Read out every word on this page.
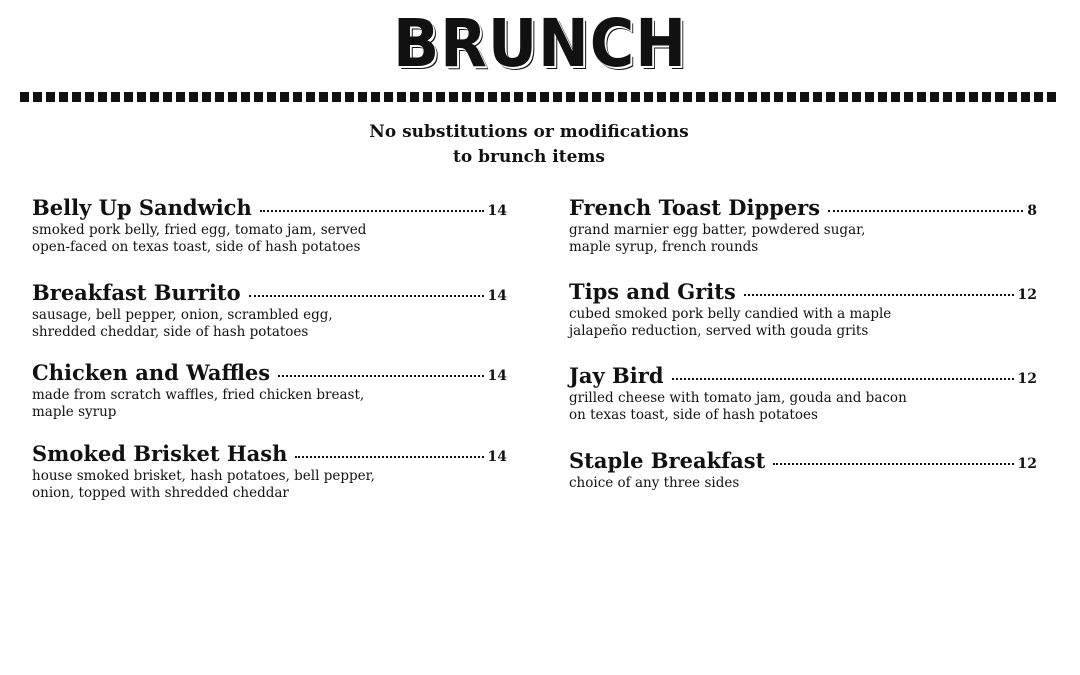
BRUNCH
No substitutions or modifications
to brunch items
Belly Up Sandwich	14
smoked pork belly, fried egg, tomato jam, served
open-faced on texas toast, side of hash potatoes
Breakfast Burrito	14
sausage, bell pepper, onion, scrambled egg,
shredded cheddar, side of hash potatoes
Chicken and Waffles	14
made from scratch waffles, fried chicken breast,
maple syrup
Smoked Brisket Hash	14
house smoked brisket, hash potatoes, bell pepper,
onion, topped with shredded cheddar
French Toast Dippers	8
grand marnier egg batter, powdered sugar,
maple syrup, french rounds
Tips and Grits	12
cubed smoked pork belly candied with a maple
jalapeño reduction, served with gouda grits
Jay Bird	12
grilled cheese with tomato jam, gouda and bacon
on texas toast, side of hash potatoes
Staple Breakfast	12
choice of any three sides
